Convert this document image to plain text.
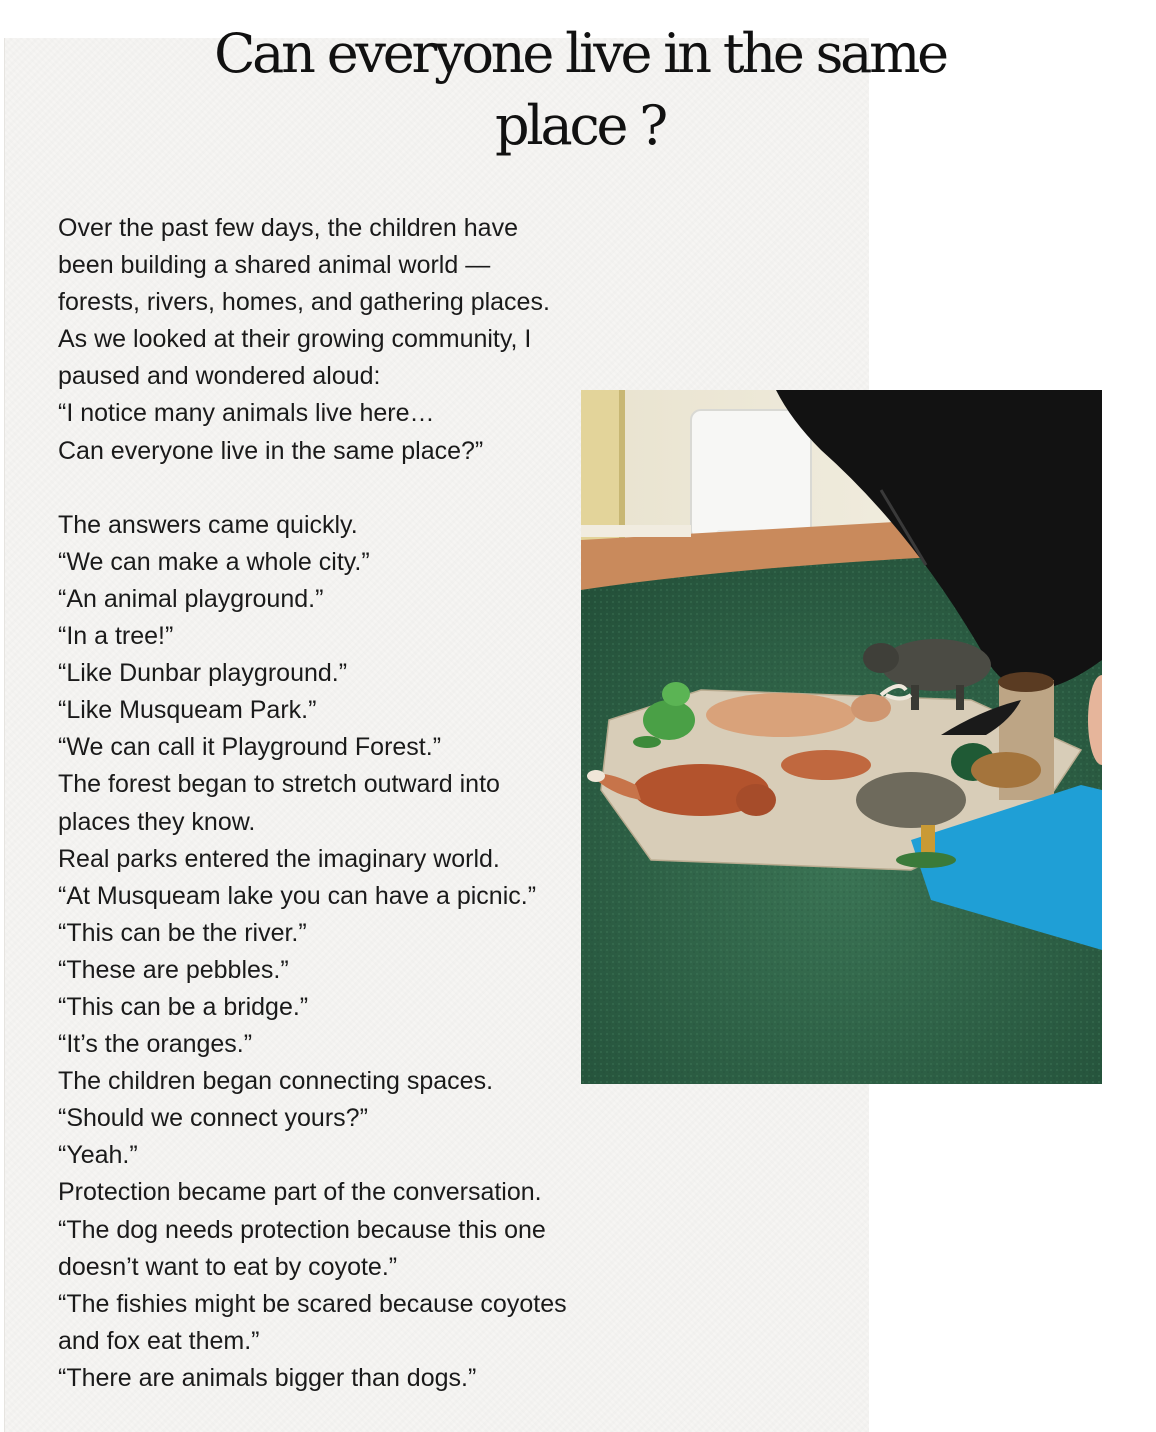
Can everyone live in the same
place ?
Over the past few days, the children have
been building a shared animal world —
forests, rivers, homes, and gathering places.
As we looked at their growing community, I
paused and wondered aloud:
“I notice many animals live here…
Can everyone live in the same place?”
The answers came quickly.
“We can make a whole city.”
“An animal playground.”
“In a tree!”
“Like Dunbar playground.”
“Like Musqueam Park.”
“We can call it Playground Forest.”
The forest began to stretch outward into
places they know.
Real parks entered the imaginary world.
“At Musqueam lake you can have a picnic.”
“This can be the river.”
“These are pebbles.”
“This can be a bridge.”
“It’s the oranges.”
The children began connecting spaces.
“Should we connect yours?”
“Yeah.”
Protection became part of the conversation.
“The dog needs protection because this one
doesn’t want to eat by coyote.”
“The fishies might be scared because coyotes
and fox eat them.”
“There are animals bigger than dogs.”
